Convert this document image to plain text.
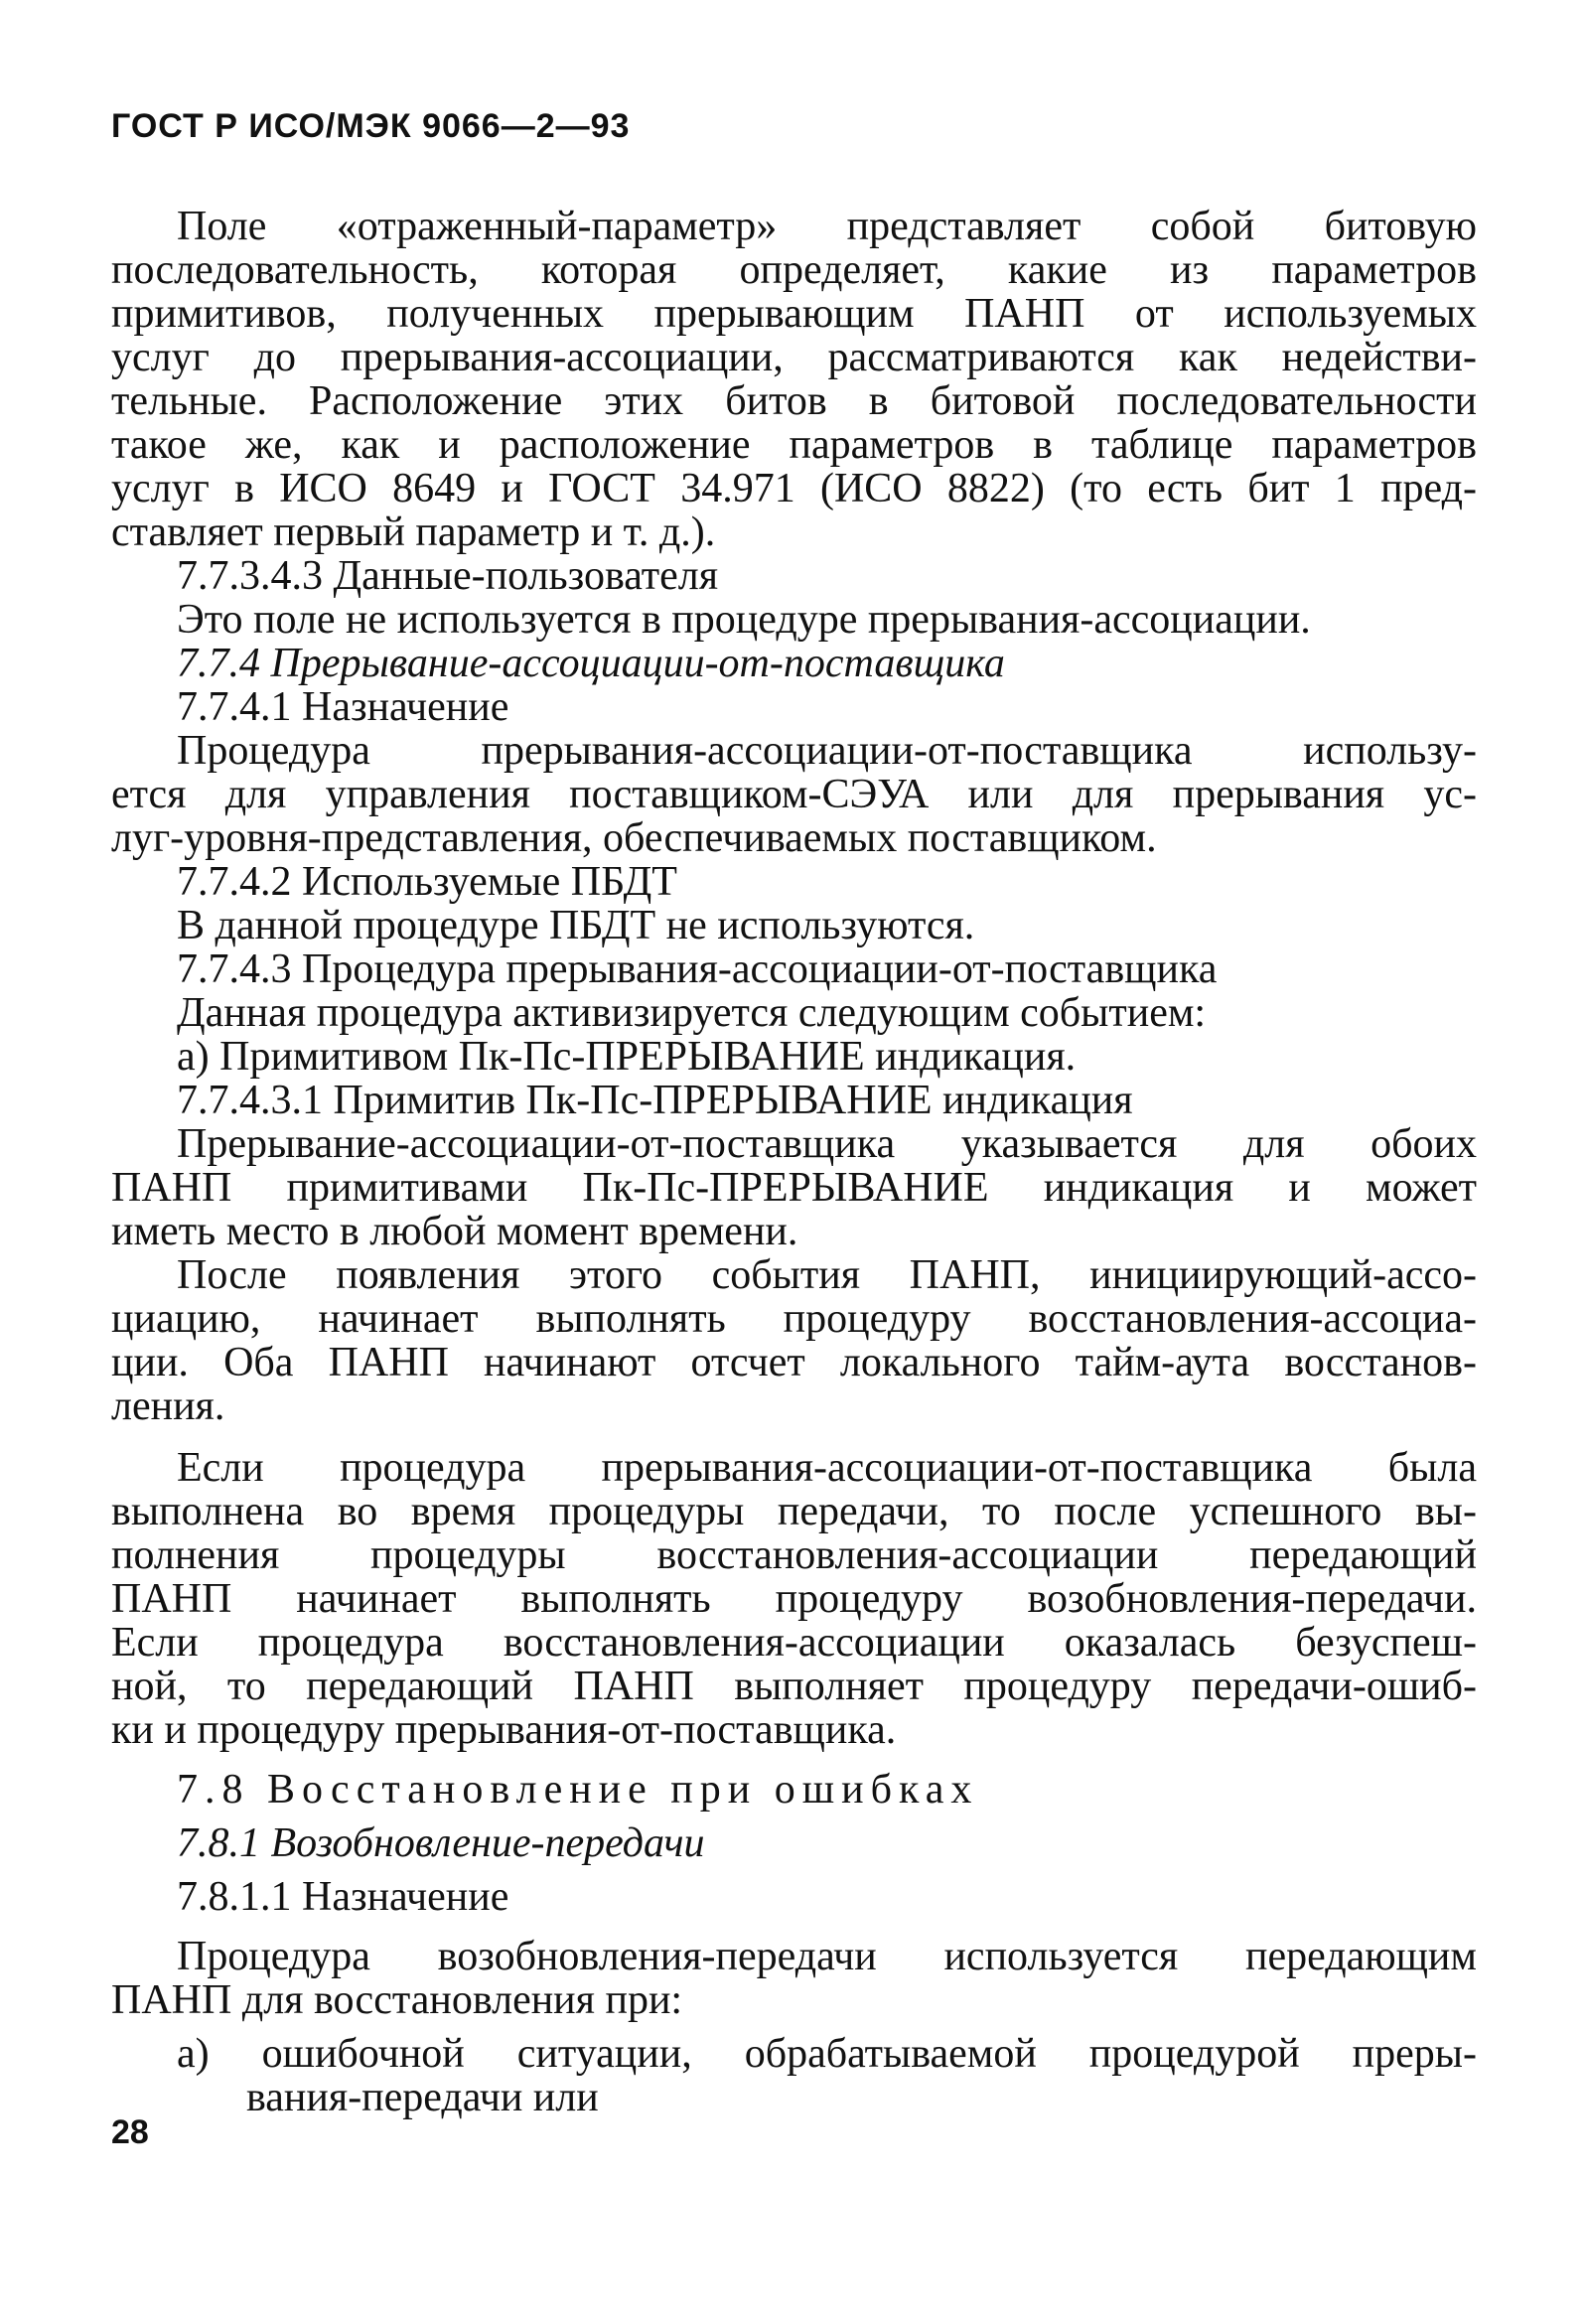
ГОСТ Р ИСО/МЭК 9066—2—93
Поле «отраженный-параметр» представляет собой битовую
последовательность, которая определяет, какие из параметров
примитивов, полученных прерывающим ПАНП от используемых
услуг до прерывания-ассоциации, рассматриваются как недействи-
тельные. Расположение этих битов в битовой последовательности
такое же, как и расположение параметров в таблице параметров
услуг в ИСО 8649 и ГОСТ 34.971 (ИСО 8822) (то есть бит 1 пред-
ставляет первый параметр и т. д.).
7.7.3.4.3 Данные-пользователя
Это поле не используется в процедуре прерывания-ассоциации.
7.7.4 Прерывание-ассоциации-от-поставщика
7.7.4.1 Назначение
Процедура прерывания-ассоциации-от-поставщика использу-
ется для управления поставщиком-СЭУА или для прерывания ус-
луг-уровня-представления, обеспечиваемых поставщиком.
7.7.4.2 Используемые ПБДТ
В данной процедуре ПБДТ не используются.
7.7.4.3 Процедура прерывания-ассоциации-от-поставщика
Данная процедура активизируется следующим событием:
a) Примитивом Пк-Пс-ПРЕРЫВАНИЕ индикация.
7.7.4.3.1 Примитив Пк-Пс-ПРЕРЫВАНИЕ индикация
Прерывание-ассоциации-от-поставщика указывается для обоих
ПАНП примитивами Пк-Пс-ПРЕРЫВАНИЕ индикация и может
иметь место в любой момент времени.
После появления этого события ПАНП, инициирующий-ассо-
циацию, начинает выполнять процедуру восстановления-ассоциа-
ции. Оба ПАНП начинают отсчет локального тайм-аута восстанов-
ления.
Если процедура прерывания-ассоциации-от-поставщика была
выполнена во время процедуры передачи, то после успешного вы-
полнения процедуры восстановления-ассоциации передающий
ПАНП начинает выполнять процедуру возобновления-передачи.
Если процедура восстановления-ассоциации оказалась безуспеш-
ной, то передающий ПАНП выполняет процедуру передачи-ошиб-
ки и процедуру прерывания-от-поставщика.
7.8 Восстановление при ошибках
7.8.1 Возобновление-передачи
7.8.1.1 Назначение
Процедура возобновления-передачи используется передающим
ПАНП для восстановления при:
а) ошибочной ситуации, обрабатываемой процедурой преры-
вания-передачи или
28
